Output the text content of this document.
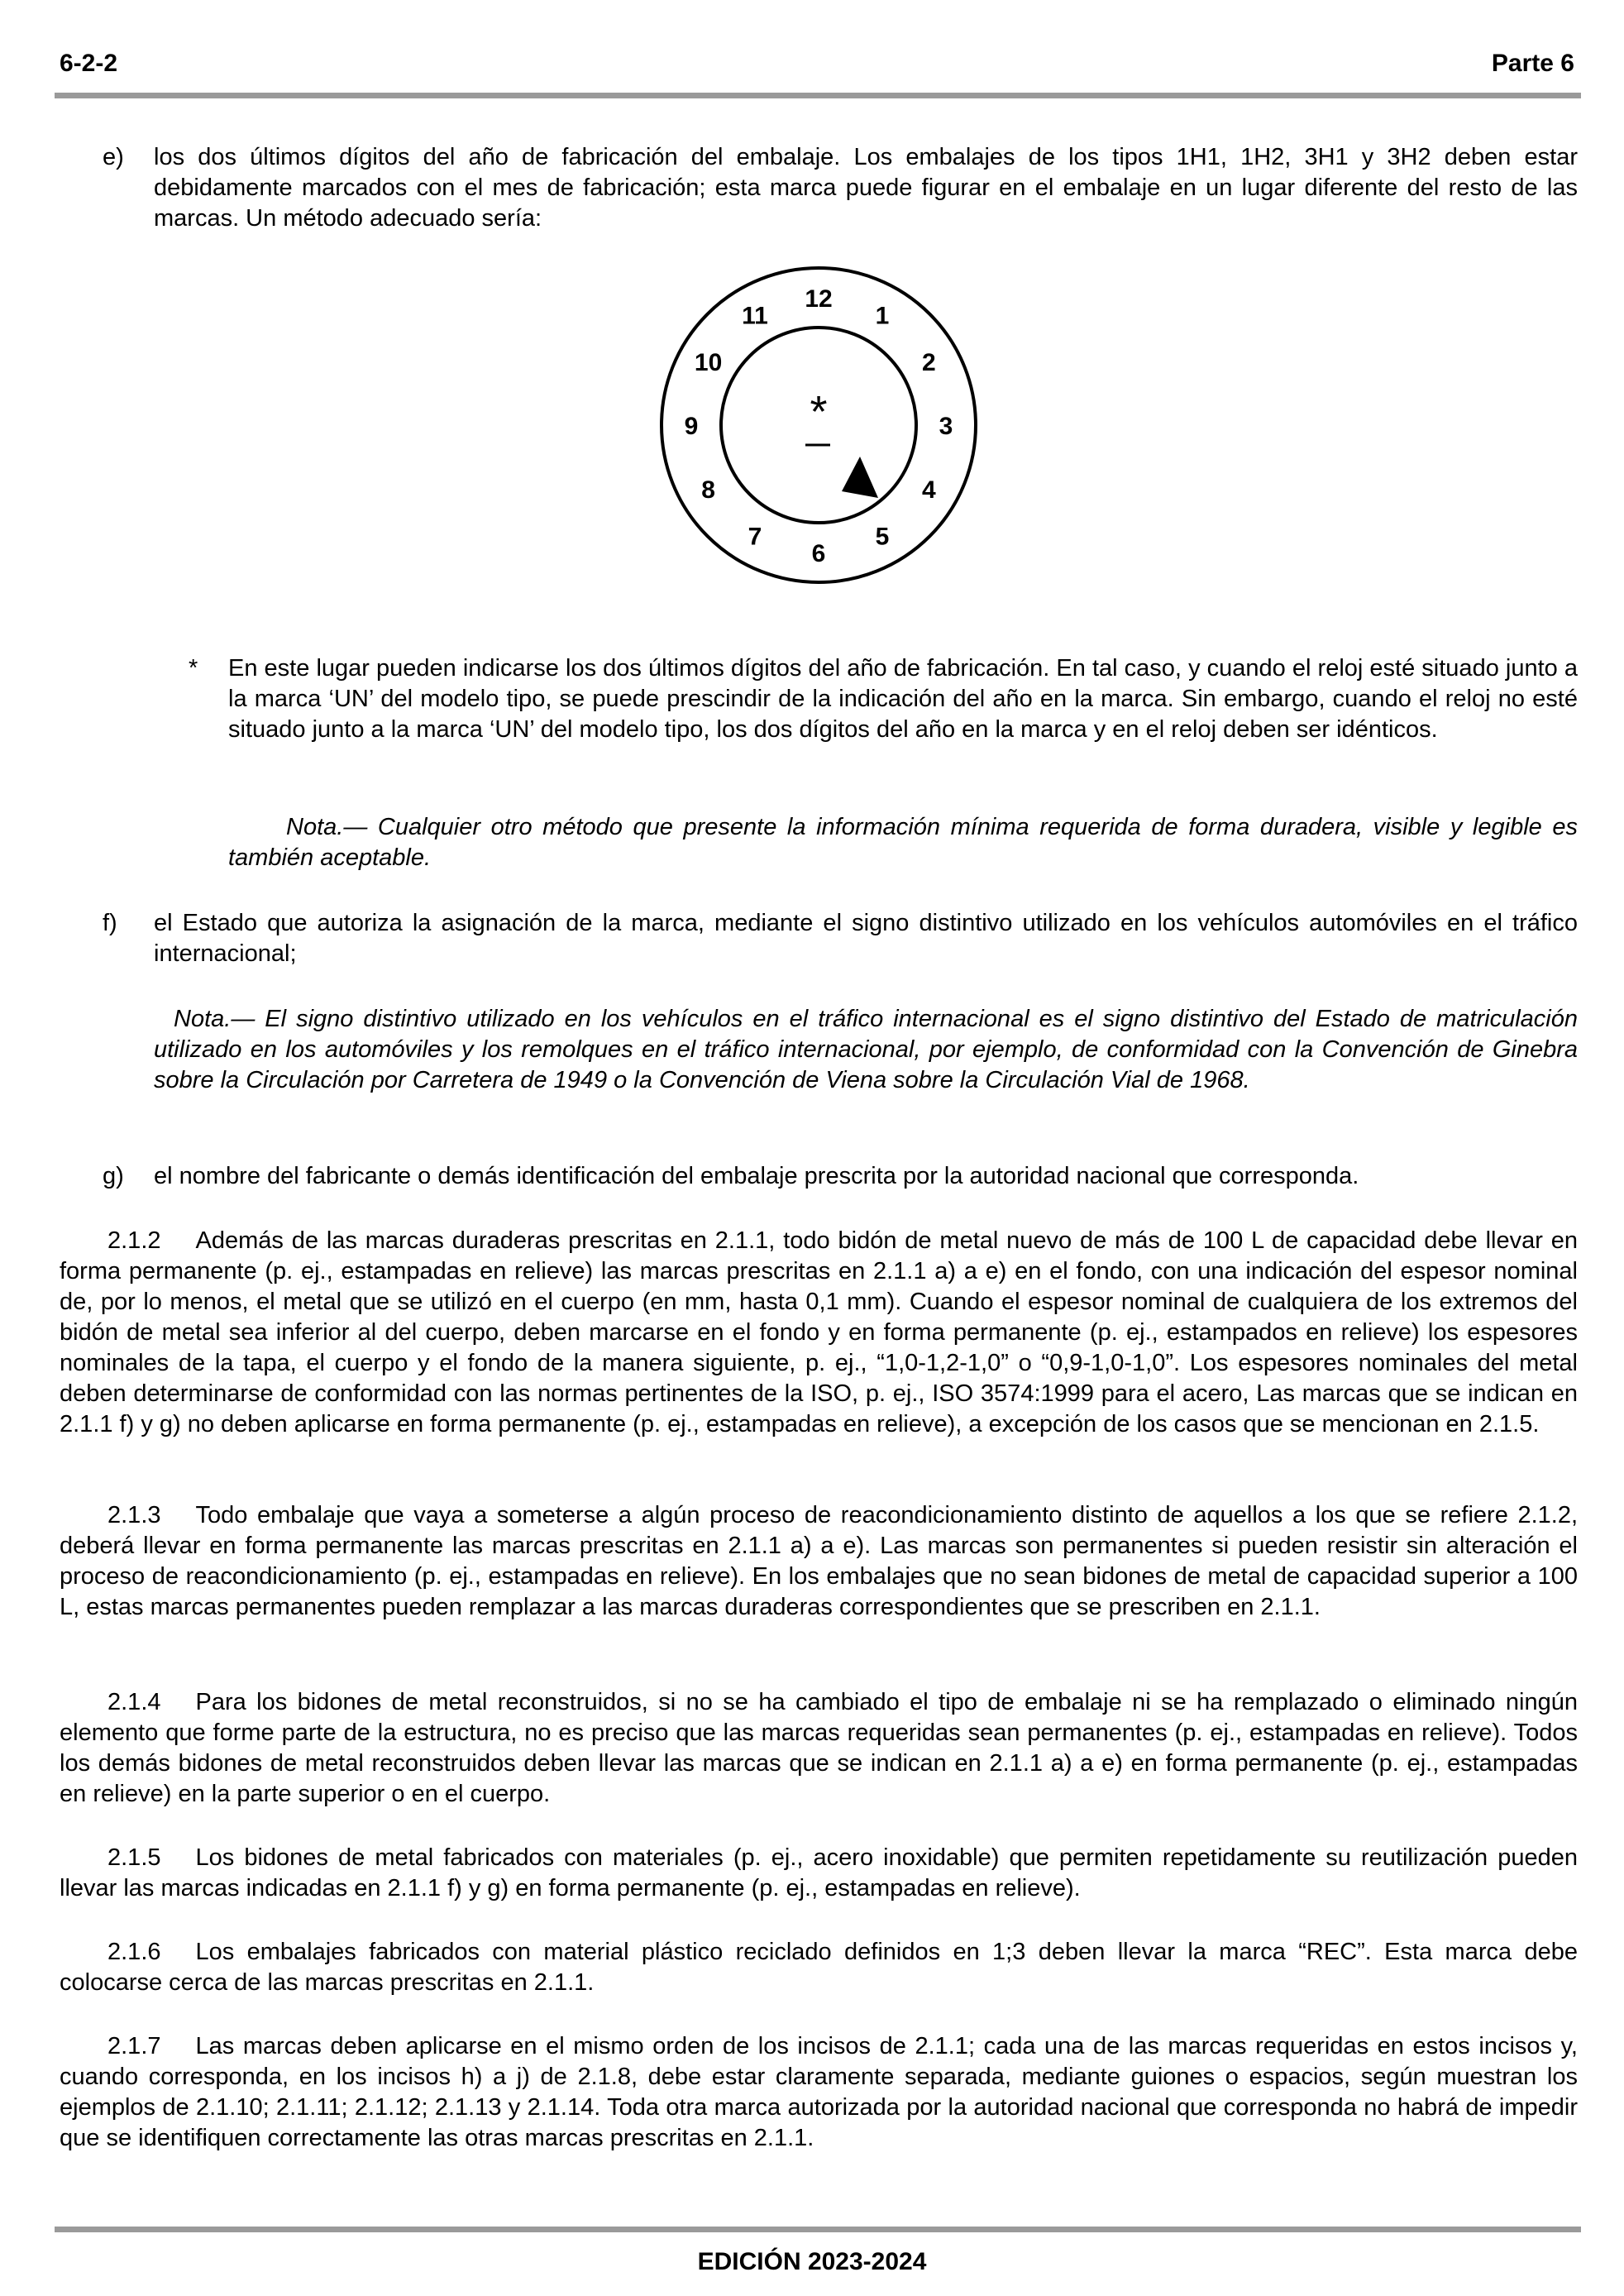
6-2-2	Parte 6
e) los dos últimos dígitos del año de fabricación del embalaje. Los embalajes de los tipos 1H1, 1H2, 3H1 y 3H2 deben estar debidamente marcados con el mes de fabricación; esta marca puede figurar en el embalaje en un lugar diferente del resto de las marcas. Un método adecuado sería:
12
1
2
3
4
5
6
7
8
9
10
11
*
* En este lugar pueden indicarse los dos últimos dígitos del año de fabricación. En tal caso, y cuando el reloj esté situado junto a la marca ‘UN’ del modelo tipo, se puede prescindir de la indicación del año en la marca. Sin embargo, cuando el reloj no esté situado junto a la marca ‘UN’ del modelo tipo, los dos dígitos del año en la marca y en el reloj deben ser idénticos.
Nota.— Cualquier otro método que presente la información mínima requerida de forma duradera, visible y legible es también aceptable.
f) el Estado que autoriza la asignación de la marca, mediante el signo distintivo utilizado en los vehículos automóviles en el tráfico internacional;
Nota.— El signo distintivo utilizado en los vehículos en el tráfico internacional es el signo distintivo del Estado de matriculación utilizado en los automóviles y los remolques en el tráfico internacional, por ejemplo, de conformidad con la Convención de Ginebra sobre la Circulación por Carretera de 1949 o la Convención de Viena sobre la Circulación Vial de 1968.
g) el nombre del fabricante o demás identificación del embalaje prescrita por la autoridad nacional que corresponda.
2.1.2 Además de las marcas duraderas prescritas en 2.1.1, todo bidón de metal nuevo de más de 100 L de capacidad debe llevar en forma permanente (p. ej., estampadas en relieve) las marcas prescritas en 2.1.1 a) a e) en el fondo, con una indicación del espesor nominal de, por lo menos, el metal que se utilizó en el cuerpo (en mm, hasta 0,1 mm). Cuando el espesor nominal de cualquiera de los extremos del bidón de metal sea inferior al del cuerpo, deben marcarse en el fondo y en forma permanente (p. ej., estampados en relieve) los espesores nominales de la tapa, el cuerpo y el fondo de la manera siguiente, p. ej., “1,0-1,2-1,0” o “0,9-1,0-1,0”. Los espesores nominales del metal deben determinarse de conformidad con las normas pertinentes de la ISO, p. ej., ISO 3574:1999 para el acero, Las marcas que se indican en 2.1.1 f) y g) no deben aplicarse en forma permanente (p. ej., estampadas en relieve), a excepción de los casos que se mencionan en 2.1.5.
2.1.3 Todo embalaje que vaya a someterse a algún proceso de reacondicionamiento distinto de aquellos a los que se refiere 2.1.2, deberá llevar en forma permanente las marcas prescritas en 2.1.1 a) a e). Las marcas son permanentes si pueden resistir sin alteración el proceso de reacondicionamiento (p. ej., estampadas en relieve). En los embalajes que no sean bidones de metal de capacidad superior a 100 L, estas marcas permanentes pueden remplazar a las marcas duraderas correspondientes que se prescriben en 2.1.1.
2.1.4 Para los bidones de metal reconstruidos, si no se ha cambiado el tipo de embalaje ni se ha remplazado o eliminado ningún elemento que forme parte de la estructura, no es preciso que las marcas requeridas sean permanentes (p. ej., estampadas en relieve). Todos los demás bidones de metal reconstruidos deben llevar las marcas que se indican en 2.1.1 a) a e) en forma permanente (p. ej., estampadas en relieve) en la parte superior o en el cuerpo.
2.1.5 Los bidones de metal fabricados con materiales (p. ej., acero inoxidable) que permiten repetidamente su reutilización pueden llevar las marcas indicadas en 2.1.1 f) y g) en forma permanente (p. ej., estampadas en relieve).
2.1.6 Los embalajes fabricados con material plástico reciclado definidos en 1;3 deben llevar la marca “REC”. Esta marca debe colocarse cerca de las marcas prescritas en 2.1.1.
2.1.7 Las marcas deben aplicarse en el mismo orden de los incisos de 2.1.1; cada una de las marcas requeridas en estos incisos y, cuando corresponda, en los incisos h) a j) de 2.1.8, debe estar claramente separada, mediante guiones o espacios, según muestran los ejemplos de 2.1.10; 2.1.11; 2.1.12; 2.1.13 y 2.1.14. Toda otra marca autorizada por la autoridad nacional que corresponda no habrá de impedir que se identifiquen correctamente las otras marcas prescritas en 2.1.1.
EDICIÓN 2023-2024
